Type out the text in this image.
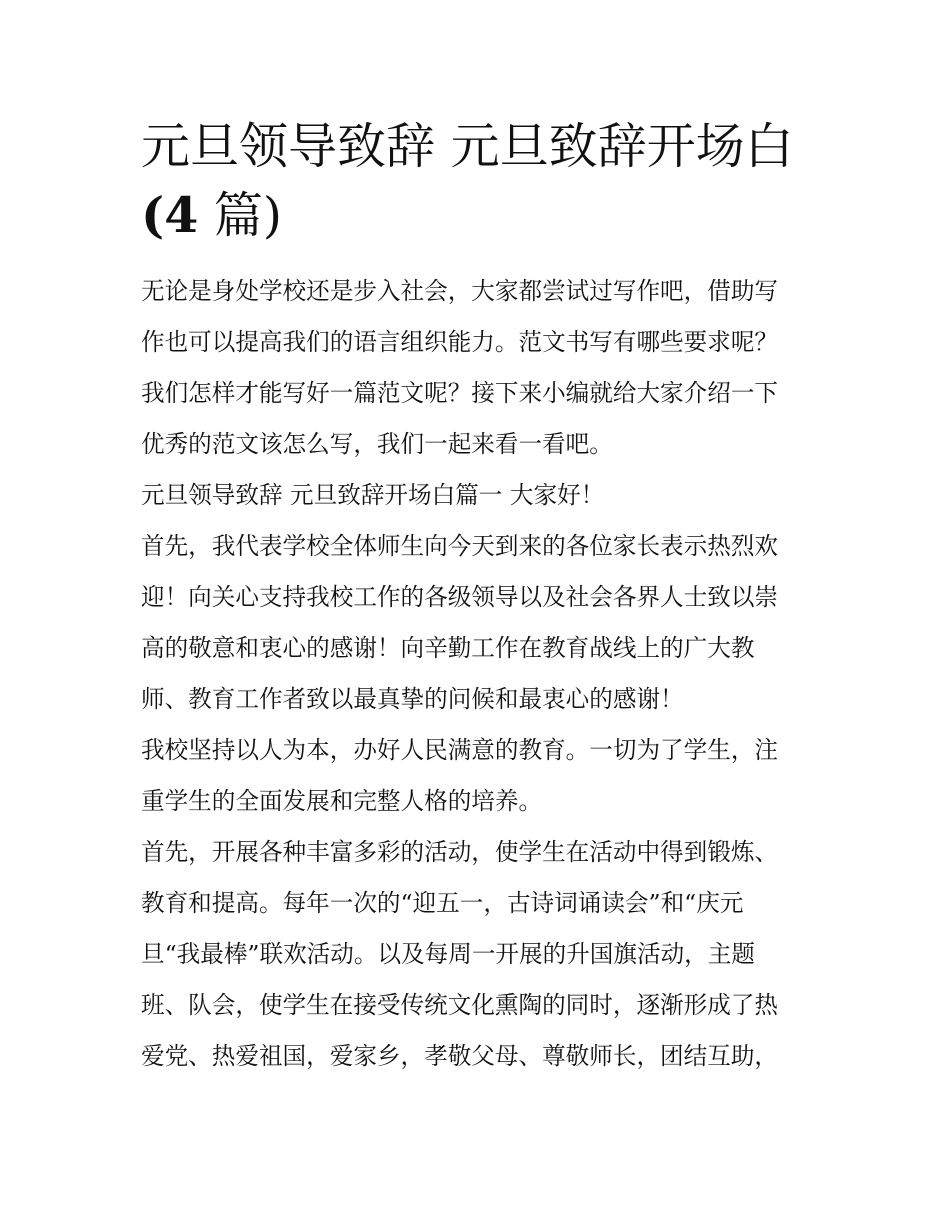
元旦领导致辞 元旦致辞开场白
(4 篇)

无论是身处学校还是步入社会，大家都尝试过写作吧，借助写
作也可以提高我们的语言组织能力。范文书写有哪些要求呢？
我们怎样才能写好一篇范文呢？接下来小编就给大家介绍一下
优秀的范文该怎么写，我们一起来看一看吧。

元旦领导致辞 元旦致辞开场白篇一 大家好！

首先，我代表学校全体师生向今天到来的各位家长表示热烈欢
迎！向关心支持我校工作的各级领导以及社会各界人士致以崇
高的敬意和衷心的感谢！向辛勤工作在教育战线上的广大教
师、教育工作者致以最真挚的问候和最衷心的感谢！

我校坚持以人为本，办好人民满意的教育。一切为了学生，注
重学生的全面发展和完整人格的培养。

首先，开展各种丰富多彩的活动，使学生在活动中得到锻炼、
教育和提高。每年一次的“迎五一，古诗词诵读会”和“庆元
旦“我最棒”联欢活动。以及每周一开展的升国旗活动，主题
班、队会，使学生在接受传统文化熏陶的同时，逐渐形成了热
爱党、热爱祖国，爱家乡，孝敬父母、尊敬师长，团结互助，
